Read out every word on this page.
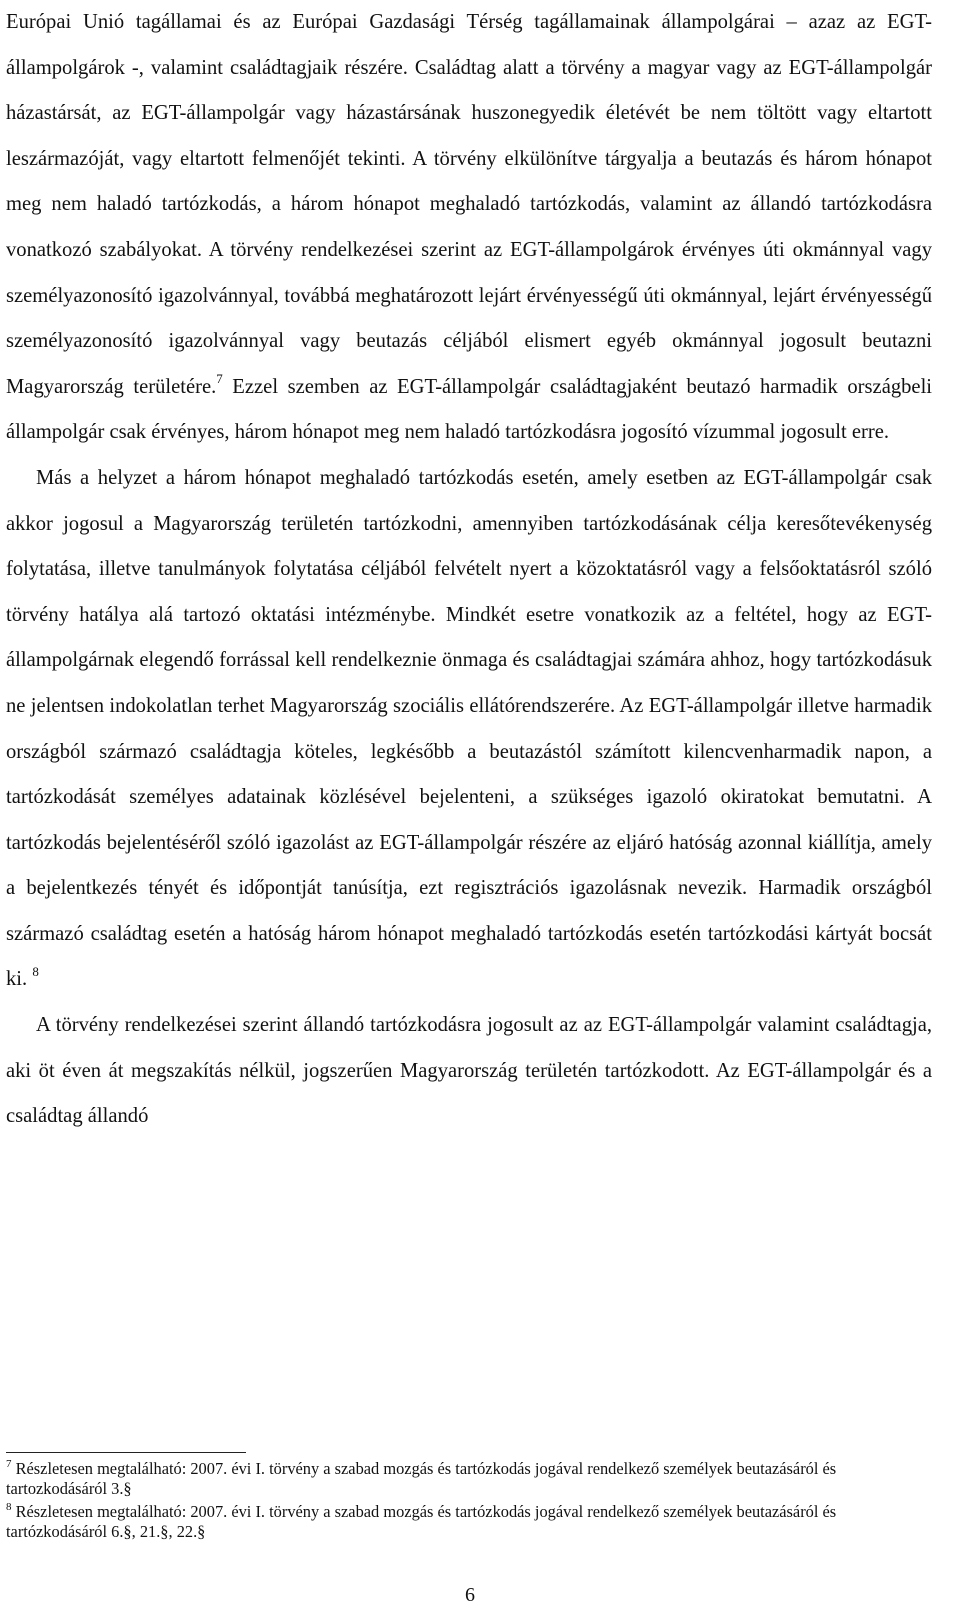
Európai Unió tagállamai és az Európai Gazdasági Térség tagállamainak állampolgárai – azaz az EGT-állampolgárok -, valamint családtagjaik részére. Családtag alatt a törvény a magyar vagy az EGT-állampolgár házastársát, az EGT-állampolgár vagy házastársának huszonegyedik életévét be nem töltött vagy eltartott leszármazóját, vagy eltartott felmenőjét tekinti. A törvény elkülönítve tárgyalja a beutazás és három hónapot meg nem haladó tartózkodás, a három hónapot meghaladó tartózkodás, valamint az állandó tartózkodásra vonatkozó szabályokat. A törvény rendelkezései szerint az EGT-állampolgárok érvényes úti okmánnyal vagy személyazonosító igazolvánnyal, továbbá meghatározott lejárt érvényességű úti okmánnyal, lejárt érvényességű személyazonosító igazolvánnyal vagy beutazás céljából elismert egyéb okmánnyal jogosult beutazni Magyarország területére.$^7$ Ezzel szemben az EGT-állampolgár családtagjaként beutazó harmadik országbeli állampolgár csak érvényes, három hónapot meg nem haladó tartózkodásra jogosító vízummal jogosult erre.

Más a helyzet a három hónapot meghaladó tartózkodás esetén, amely esetben az EGT-állampolgár csak akkor jogosul a Magyarország területén tartózkodni, amennyiben tartózkodásának célja keresőtevékenység folytatása, illetve tanulmányok folytatása céljából felvételt nyert a közoktatásról vagy a felsőoktatásról szóló törvény hatálya alá tartozó oktatási intézménybe. Mindkét esetre vonatkozik az a feltétel, hogy az EGT-állampolgárnak elegendő forrással kell rendelkeznie önmaga és családtagjai számára ahhoz, hogy tartózkodásuk ne jelentsen indokolatlan terhet Magyarország szociális ellátórendszerére. Az EGT-állampolgár illetve harmadik országból származó családtagja köteles, legkésőbb a beutazástól számított kilencvenharmadik napon, a tartózkodását személyes adatainak közlésével bejelenteni, a szükséges igazoló okiratokat bemutatni. A tartózkodás bejelentéséről szóló igazolást az EGT-állampolgár részére az eljáró hatóság azonnal kiállítja, amely a bejelentkezés tényét és időpontját tanúsítja, ezt regisztrációs igazolásnak nevezik. Harmadik országból származó családtag esetén a hatóság három hónapot meghaladó tartózkodás esetén tartózkodási kártyát bocsát ki. $^8$

A törvény rendelkezései szerint állandó tartózkodásra jogosult az az EGT-állampolgár valamint családtagja, aki öt éven át megszakítás nélkül, jogszerűen Magyarország területén tartózkodott. Az EGT-állampolgár és a családtag állandó

$^7$ Részletesen megtalálható: 2007. évi I. törvény a szabad mozgás és tartózkodás jogával rendelkező személyek beutazásáról és tartozkodásáról 3.§

$^8$ Részletesen megtalálható: 2007. évi I. törvény a szabad mozgás és tartózkodás jogával rendelkező személyek beutazásáról és tartózkodásáról 6.§, 21.§, 22.§

6
